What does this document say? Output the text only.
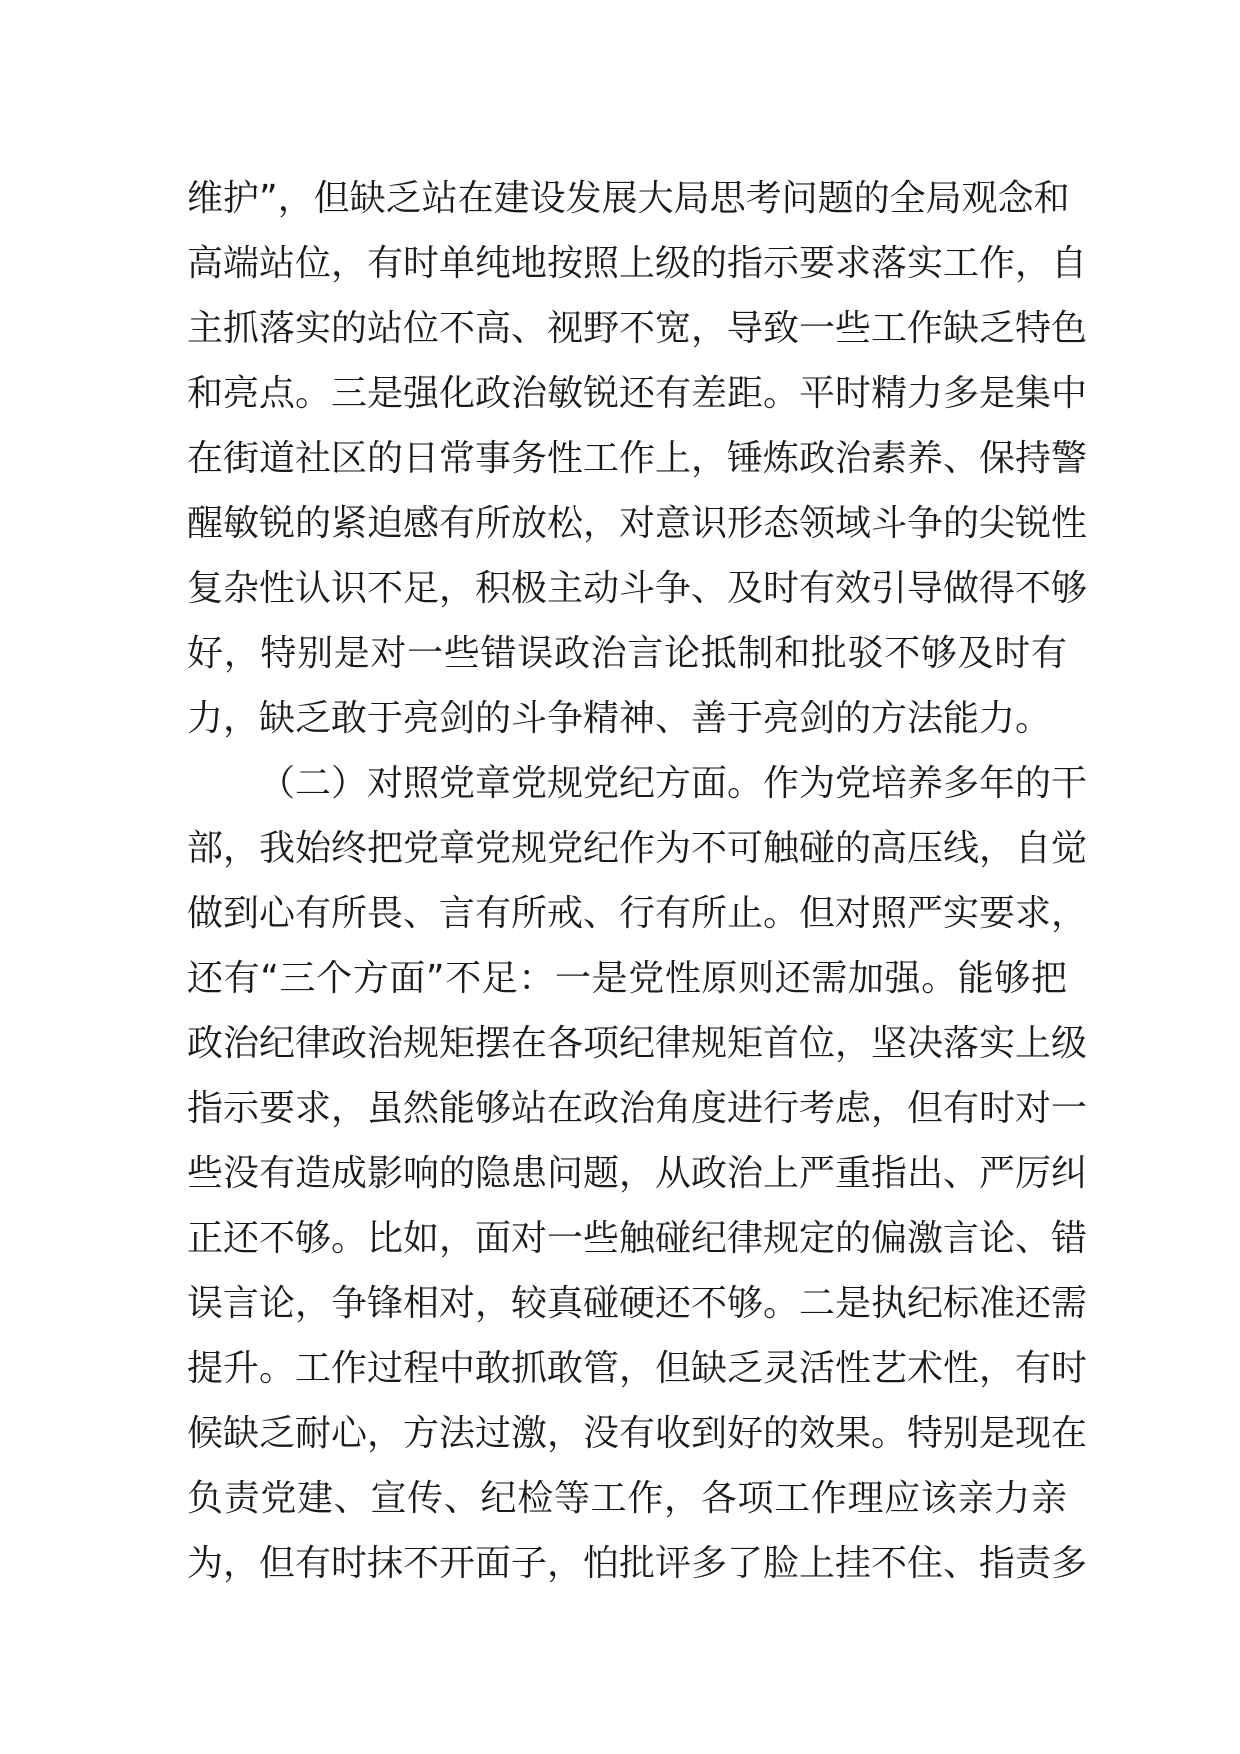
维护”，但缺乏站在建设发展大局思考问题的全局观念和
高端站位，有时单纯地按照上级的指示要求落实工作，自
主抓落实的站位不高、视野不宽，导致一些工作缺乏特色
和亮点。三是强化政治敏锐还有差距。平时精力多是集中
在街道社区的日常事务性工作上，锤炼政治素养、保持警
醒敏锐的紧迫感有所放松，对意识形态领域斗争的尖锐性
复杂性认识不足，积极主动斗争、及时有效引导做得不够
好，特别是对一些错误政治言论抵制和批驳不够及时有
力，缺乏敢于亮剑的斗争精神、善于亮剑的方法能力。
（二）对照党章党规党纪方面。作为党培养多年的干
部，我始终把党章党规党纪作为不可触碰的高压线，自觉
做到心有所畏、言有所戒、行有所止。但对照严实要求，
还有“三个方面”不足：一是党性原则还需加强。能够把
政治纪律政治规矩摆在各项纪律规矩首位，坚决落实上级
指示要求，虽然能够站在政治角度进行考虑，但有时对一
些没有造成影响的隐患问题，从政治上严重指出、严厉纠
正还不够。比如，面对一些触碰纪律规定的偏激言论、错
误言论，争锋相对，较真碰硬还不够。二是执纪标准还需
提升。工作过程中敢抓敢管，但缺乏灵活性艺术性，有时
候缺乏耐心，方法过激，没有收到好的效果。特别是现在
负责党建、宣传、纪检等工作，各项工作理应该亲力亲
为，但有时抹不开面子，怕批评多了脸上挂不住、指责多
